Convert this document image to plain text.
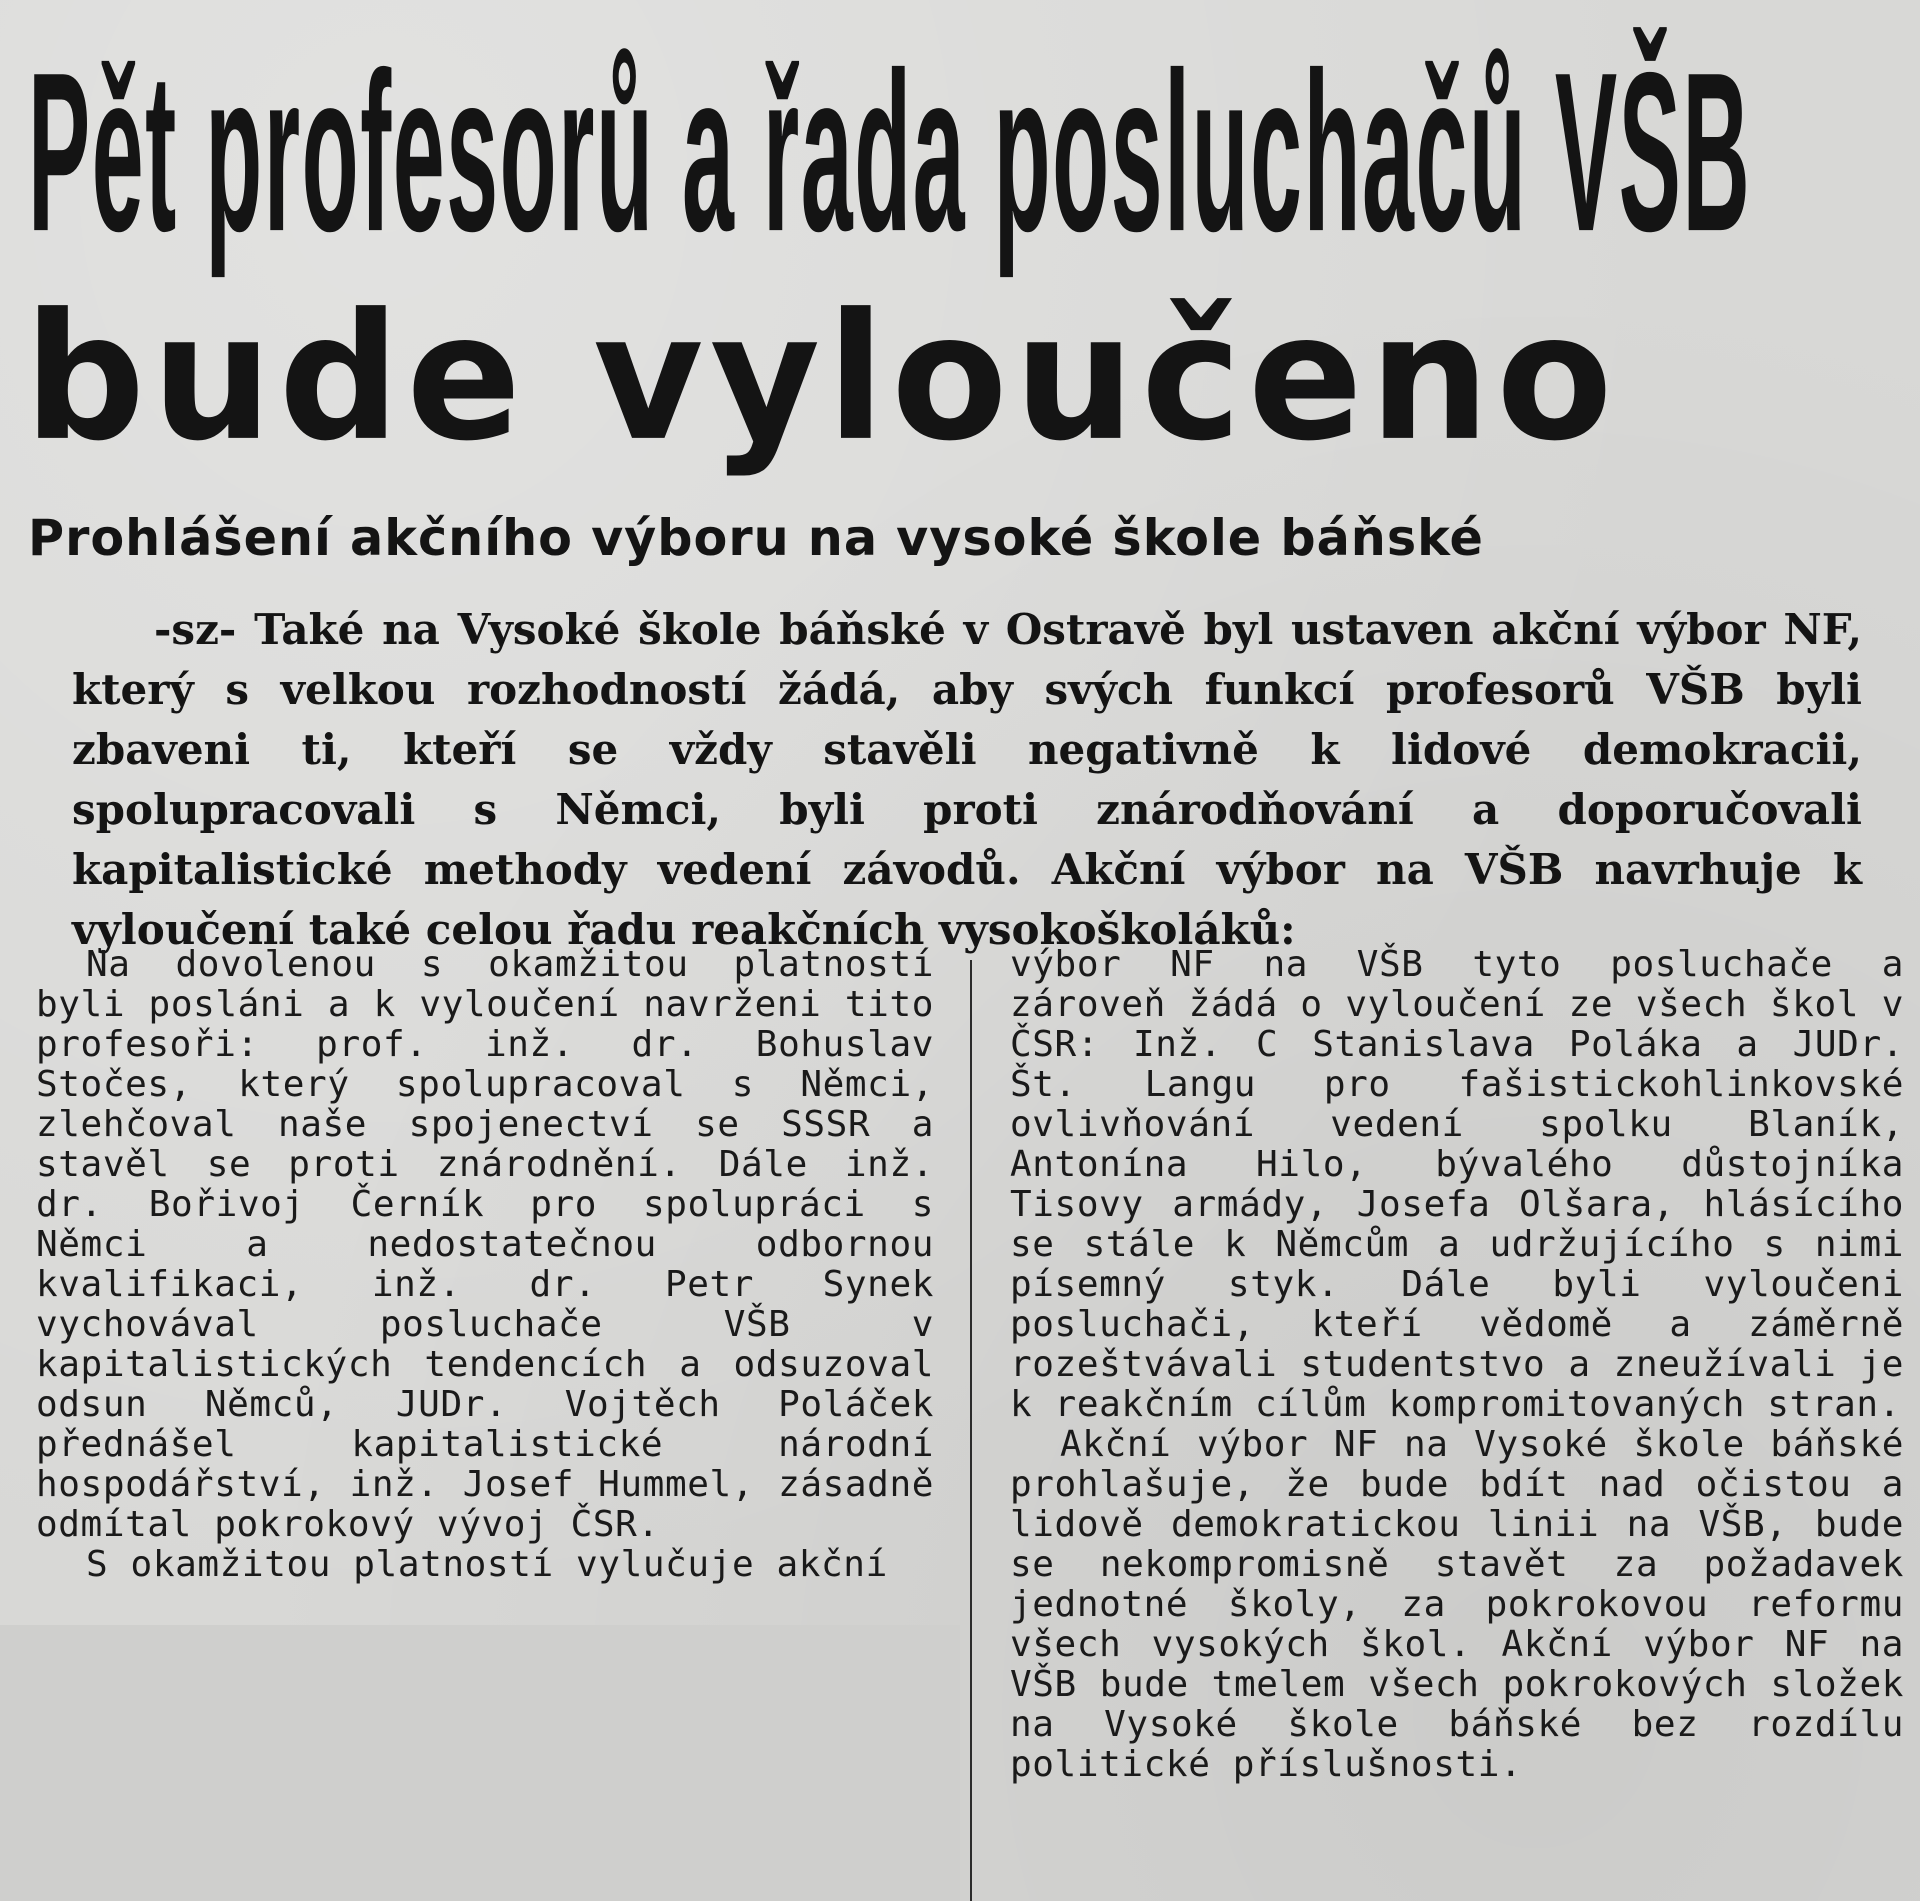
Pět profesorů a řada posluchačů VŠB
bude vyloučeno
Prohlášení akčního výboru na vysoké škole báňské

-sz- Také na Vysoké škole báňské v Ostravě byl ustaven akční výbor NF, který s velkou rozhodností žádá, aby svých funkcí profesorů VŠB byli zbaveni ti, kteří se vždy stavěli negativně k lidové demokracii, spolupracovali s Němci, byli proti znárodňování a doporučovali kapitalistické methody vedení závodů. Akční výbor na VŠB navrhuje k vyloučení také celou řadu reakčních vysokoškoláků:

Na dovolenou s okamžitou platností byli posláni a k vyloučení navrženi tito profesoři: prof. inž. dr. Bohuslav Stočes, který spolupracoval s Němci, zlehčoval naše spojenectví se SSSR a stavěl se proti znárodnění. Dále inž. dr. Bořivoj Černík pro spolupráci s Němci a nedostatečnou odbornou kvalifikaci, inž. dr. Petr Synek vychovával posluchače VŠB v kapitalistických tendencích a odsuzoval odsun Němců, JUDr. Vojtěch Poláček přednášel kapitalistické národní hospodářství, inž. Josef Hummel, zásadně odmítal pokrokový vývoj ČSR.

S okamžitou platností vylučuje akční

výbor NF na VŠB tyto posluchače a zároveň žádá o vyloučení ze všech škol v ČSR: Inž. C Stanislava Poláka a JUDr. Št. Langu pro fašistickohlinkovské ovlivňování vedení spolku Blaník, Antonína Hilo, bývalého důstojníka Tisovy armády, Josefa Olšara, hlásícího se stále k Němcům a udržujícího s nimi písemný styk. Dále byli vyloučeni posluchači, kteří vědomě a záměrně rozeštvávali studentstvo a zneužívali je k reakčním cílům kompromitovaných stran.

Akční výbor NF na Vysoké škole báňské prohlašuje, že bude bdít nad očistou a lidově demokratickou linii na VŠB, bude se nekompromisně stavět za požadavek jednotné školy, za pokrokovou reformu všech vysokých škol. Akční výbor NF na VŠB bude tmelem všech pokrokových složek na Vysoké škole báňské bez rozdílu politické příslušnosti.
